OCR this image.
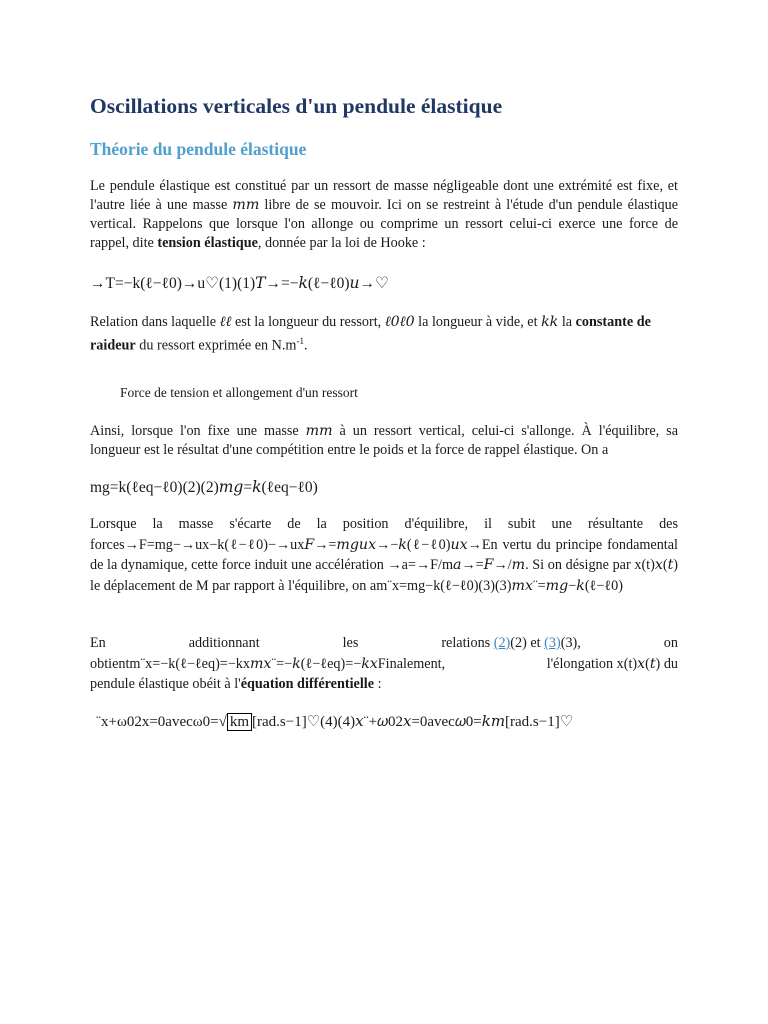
Oscillations verticales d'un pendule élastique
Théorie du pendule élastique
Le pendule élastique est constitué par un ressort de masse négligeable dont une extrémité est fixe, et l'autre liée à une masse m𝑚 libre de se mouvoir. Ici on se restreint à l'étude d'un pendule élastique vertical. Rappelons que lorsque l'on allonge ou comprime un ressort celui-ci exerce une force de rappel, dite tension élastique, donnée par la loi de Hooke :
→T=−k(ℓ−ℓ0)→u♡(1)(1)𝑇→=−𝑘(ℓ−ℓ0)𝑢→♡
Relation dans laquelle ℓℓ est la longueur du ressort, ℓ0ℓ0 la longueur à vide, et k𝑘 la constante de raideur du ressort exprimée en $N.m^{-1}$.
Force de tension et allongement d'un ressort
Ainsi, lorsque l'on fixe une masse m𝑚 à un ressort vertical, celui-ci s'allonge. À l'équilibre, sa longueur est le résultat d'une compétition entre le poids et la force de rappel élastique. On a
mg=k(ℓeq−ℓ0)(2)(2)𝑚𝑔=𝑘(ℓeq−ℓ0)
Lorsque la masse s'écarte de la position d'équilibre, il subit une résultante des forces→F=mg−→ux−k(ℓ−ℓ0)−→ux𝐹→=𝑚𝑔𝑢𝑥→−𝑘(ℓ−ℓ0)𝑢𝑥→En vertu du principe fondamental de la dynamique, cette force induit une accélération →a=→F/m𝑎→=𝐹→/𝑚. Si on désigne par x(t)𝑥(𝑡) le déplacement de M par rapport à l'équilibre, on am¨x=mg−k(ℓ−ℓ0)(3)(3)𝑚𝑥¨=𝑚𝑔−𝑘(ℓ−ℓ0)
En	additionnant	les	relations (2)(2) et (3)(3),	on
obtientm¨x=−k(ℓ−ℓeq)=−kx𝑚𝑥¨=−𝑘(ℓ−ℓeq)=−𝑘𝑥Finalement,	l'élongation x(t)𝑥(𝑡) du
pendule élastique obéit à l'équation différentielle :
¨x+ω02x=0avecω0=√ km [rad.s−1]♡(4)(4)𝑥¨+𝜔02𝑥=0avec𝜔0=𝑘𝑚[rad.s−1]♡
